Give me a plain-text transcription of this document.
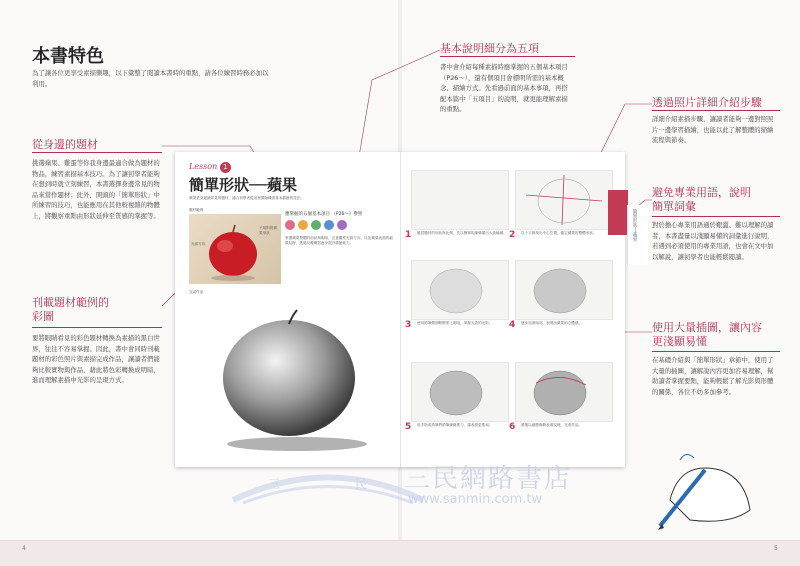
4	5
本書特色
為了讓各位更享受素描樂趣，以下彙整了閱讀本書時的重點，請各位練習時務必加以利用。
從身邊的題材
挑選蘋果、雞蛋等你我身邊最適合做為題材的物品，練習素描基本技巧。為了讓初學者能夠在想到時就立刻練習，本書選擇身邊常見的物品來當作題材；此外，開頭的「簡單形狀」中所練習的技巧，也能應用在其他較複雜的物體上，將觀察重點由形狀延伸至質感的掌握等。
刊載題材範例的彩圖
要將眼睛看見的彩色題材轉換為素描的黑白世界，往往不容易掌握。因此，書中會同時刊載題材的彩色照片與素描完成作品，讓讀者們能夠比較實物與作品，藉此將色彩轉換成明暗，進而理解素描中光影的呈現方式。
基本說明細分為五項
書中會介紹每種素描時應掌握的五個基本項目（P26～），還有個項目會標明所需的基本概念、描繪方式。先看過前面的基本事項，再搭配本篇中「五項目」的說明，就更能理解素描的重點。	透過照片詳細介紹步驟
詳細介紹素描步驟，讓讀者能夠一邊對照照片一邊學習描繪，也能以此了解整體的描繪流程與節奏。
避免專業用語，說明簡單詞彙
對於擔心專業用語過於艱澀、難以理解的讀者，本書盡量以淺顯易懂的詞彙進行說明，若遇到必須使用的專業用語，也會在文中加以解說，讓初學者也能輕鬆閱讀。
使用大量插圖，讓內容更淺顯易懂
在基礎介紹與「簡單形狀」章節中，使用了大量的插圖，讓解說內容更加容易理解，幫助讀者掌握要點，能夠輕鬆了解光影與形體的關係，各位不妨多加參考。
Lesson 1
簡單形狀──蘋果
蘋果是身邊最常見的題材，適合初學者從這裡開始練習基本描繪的技法。
題材範例
光源方向
不規則的蘋果形狀
應掌握的五個基本項目 （P26～）參照
掌握蘋果整體的形狀與明暗，注意觀察光源方向，以及蘋果表面的細微紋理，透過反覆練習逐步提升描繪能力。
完成作品
1	2
3	4
5	6
確認題材的形狀與比例，先以簡單的線條描出大致輪廓。	以十字線找出中心位置，確定蘋果的整體形狀。
使用鉛筆側面輕輕塗上明暗，掌握大致的光影。	逐步加深暗部，表現出蘋果的立體感。
用手指或紙筆將鉛筆線條推勻，讓表面更柔和。	最後以細節修飾表面紋理，完成作品。
簡單形狀──蘋果
三民網路書店
www.sanmin.com.tw
三	民
